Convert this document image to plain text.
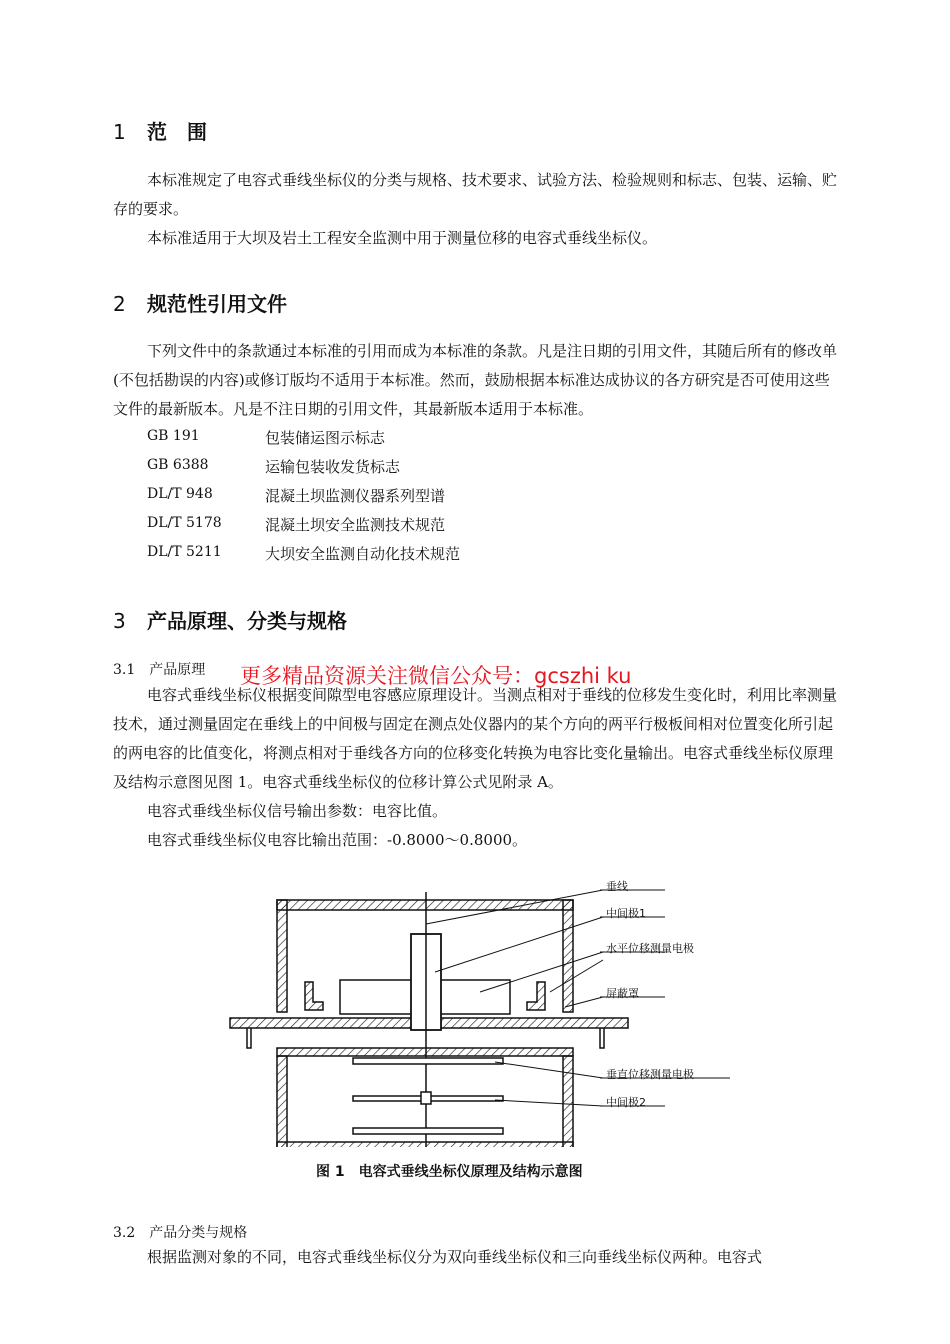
1 范　围
本标准规定了电容式垂线坐标仪的分类与规格、技术要求、试验方法、检验规则和标志、包装、运输、贮存的要求。
本标准适用于大坝及岩土工程安全监测中用于测量位移的电容式垂线坐标仪。
2 规范性引用文件
下列文件中的条款通过本标准的引用而成为本标准的条款。凡是注日期的引用文件，其随后所有的修改单(不包括勘误的内容)或修订版均不适用于本标准。然而，鼓励根据本标准达成协议的各方研究是否可使用这些文件的最新版本。凡是不注日期的引用文件，其最新版本适用于本标准。
GB 191	包装储运图示标志
GB 6388	运输包装收发货标志
DL/T 948	混凝土坝监测仪器系列型谱
DL/T 5178	混凝土坝安全监测技术规范
DL/T 5211	大坝安全监测自动化技术规范
3 产品原理、分类与规格
3.1 产品原理 更多精品资源关注微信公众号：gcszhi ku
电容式垂线坐标仪根据变间隙型电容感应原理设计。当测点相对于垂线的位移发生变化时，利用比率测量技术，通过测量固定在垂线上的中间极与固定在测点处仪器内的某个方向的两平行极板间相对位置变化所引起的两电容的比值变化，将测点相对于垂线各方向的位移变化转换为电容比变化量输出。电容式垂线坐标仪原理及结构示意图见图 1。电容式垂线坐标仪的位移计算公式见附录 A。
电容式垂线坐标仪信号输出参数：电容比值。
电容式垂线坐标仪电容比输出范围：-0.8000～0.8000。
垂线
中间极1
水平位移测量电极
屏蔽罩
垂直位移测量电极
中间极2
图 1　电容式垂线坐标仪原理及结构示意图
3.2 产品分类与规格
根据监测对象的不同，电容式垂线坐标仪分为双向垂线坐标仪和三向垂线坐标仪两种。电容式
